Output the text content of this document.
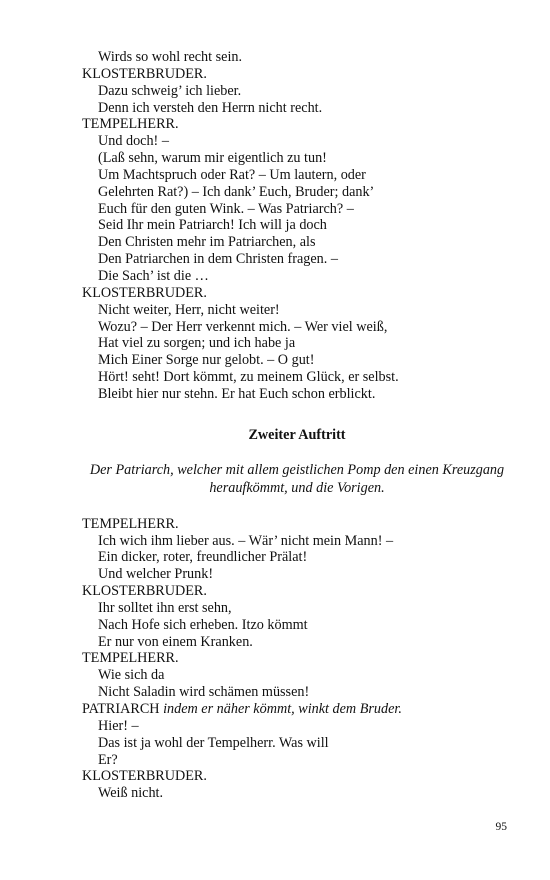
Wirds so wohl recht sein.
KLOSTERBRUDER.
Dazu schweig’ ich lieber.
Denn ich versteh den Herrn nicht recht.
TEMPELHERR.
Und doch! –
(Laß sehn, warum mir eigentlich zu tun!
Um Machtspruch oder Rat? – Um lautern, oder
Gelehrten Rat?) – Ich dank’ Euch, Bruder; dank’
Euch für den guten Wink. – Was Patriarch? –
Seid Ihr mein Patriarch! Ich will ja doch
Den Christen mehr im Patriarchen, als
Den Patriarchen in dem Christen fragen. –
Die Sach’ ist die …
KLOSTERBRUDER.
Nicht weiter, Herr, nicht weiter!
Wozu? – Der Herr verkennt mich. – Wer viel weiß,
Hat viel zu sorgen; und ich habe ja
Mich Einer Sorge nur gelobt. – O gut!
Hört! seht! Dort kömmt, zu meinem Glück, er selbst.
Bleibt hier nur stehn. Er hat Euch schon erblickt.
Zweiter Auftritt
Der Patriarch, welcher mit allem geistlichen Pomp den einen Kreuzgang
heraufkömmt, und die Vorigen.
TEMPELHERR.
Ich wich ihm lieber aus. – Wär’ nicht mein Mann! –
Ein dicker, roter, freundlicher Prälat!
Und welcher Prunk!
KLOSTERBRUDER.
Ihr solltet ihn erst sehn,
Nach Hofe sich erheben. Itzo kömmt
Er nur von einem Kranken.
TEMPELHERR.
Wie sich da
Nicht Saladin wird schämen müssen!
PATRIARCH indem er näher kömmt, winkt dem Bruder.
Hier! –
Das ist ja wohl der Tempelherr. Was will
Er?
KLOSTERBRUDER.
Weiß nicht.
95
